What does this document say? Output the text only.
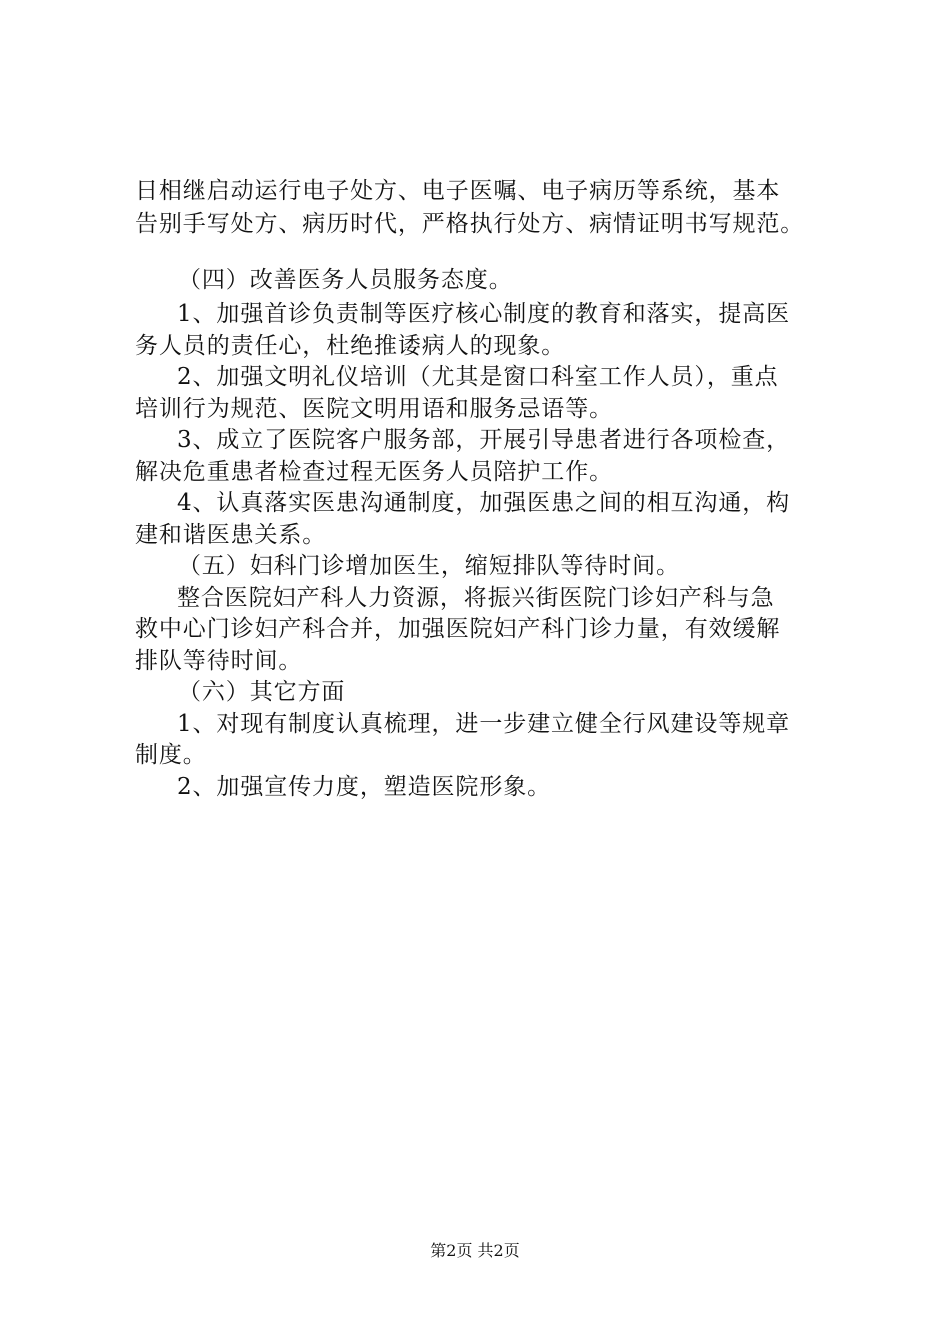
日相继启动运行电子处方、电子医嘱、电子病历等系统，基本
告别手写处方、病历时代，严格执行处方、病情证明书写规范。
（四）改善医务人员服务态度。
1、加强首诊负责制等医疗核心制度的教育和落实，提高医
务人员的责任心，杜绝推诿病人的现象。
2、加强文明礼仪培训（尤其是窗口科室工作人员），重点
培训行为规范、医院文明用语和服务忌语等。
3、成立了医院客户服务部，开展引导患者进行各项检查，
解决危重患者检查过程无医务人员陪护工作。
4、认真落实医患沟通制度，加强医患之间的相互沟通，构
建和谐医患关系。
（五）妇科门诊增加医生，缩短排队等待时间。
整合医院妇产科人力资源，将振兴街医院门诊妇产科与急
救中心门诊妇产科合并，加强医院妇产科门诊力量，有效缓解
排队等待时间。
（六）其它方面
1、对现有制度认真梳理，进一步建立健全行风建设等规章
制度。
2、加强宣传力度，塑造医院形象。
第2页 共2页
